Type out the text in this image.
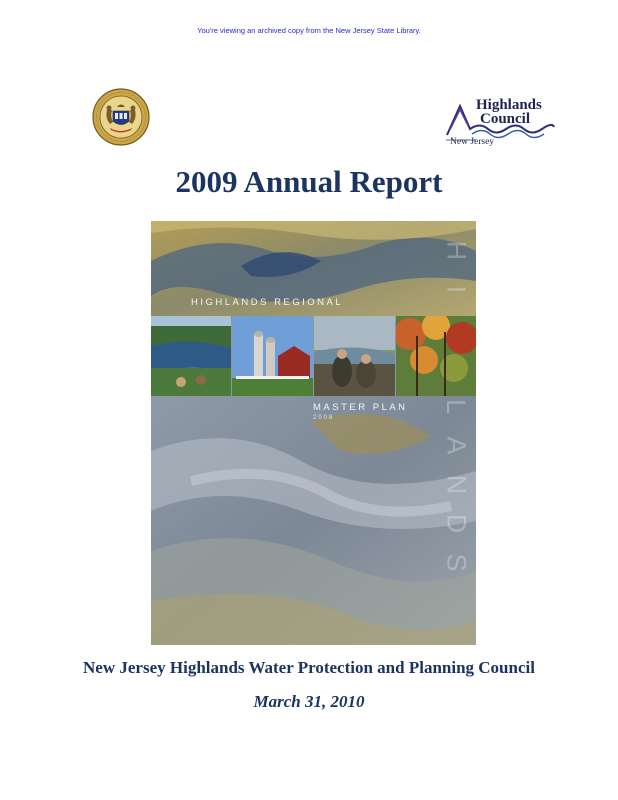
You're viewing an archived copy from the New Jersey State Library.
Highlands
Council
New Jersey
2009 Annual Report
H
I
L
A
N
D
S
HIGHLANDS REGIONAL
MASTER PLAN
2008
New Jersey Highlands Water Protection and Planning Council
March 31, 2010
